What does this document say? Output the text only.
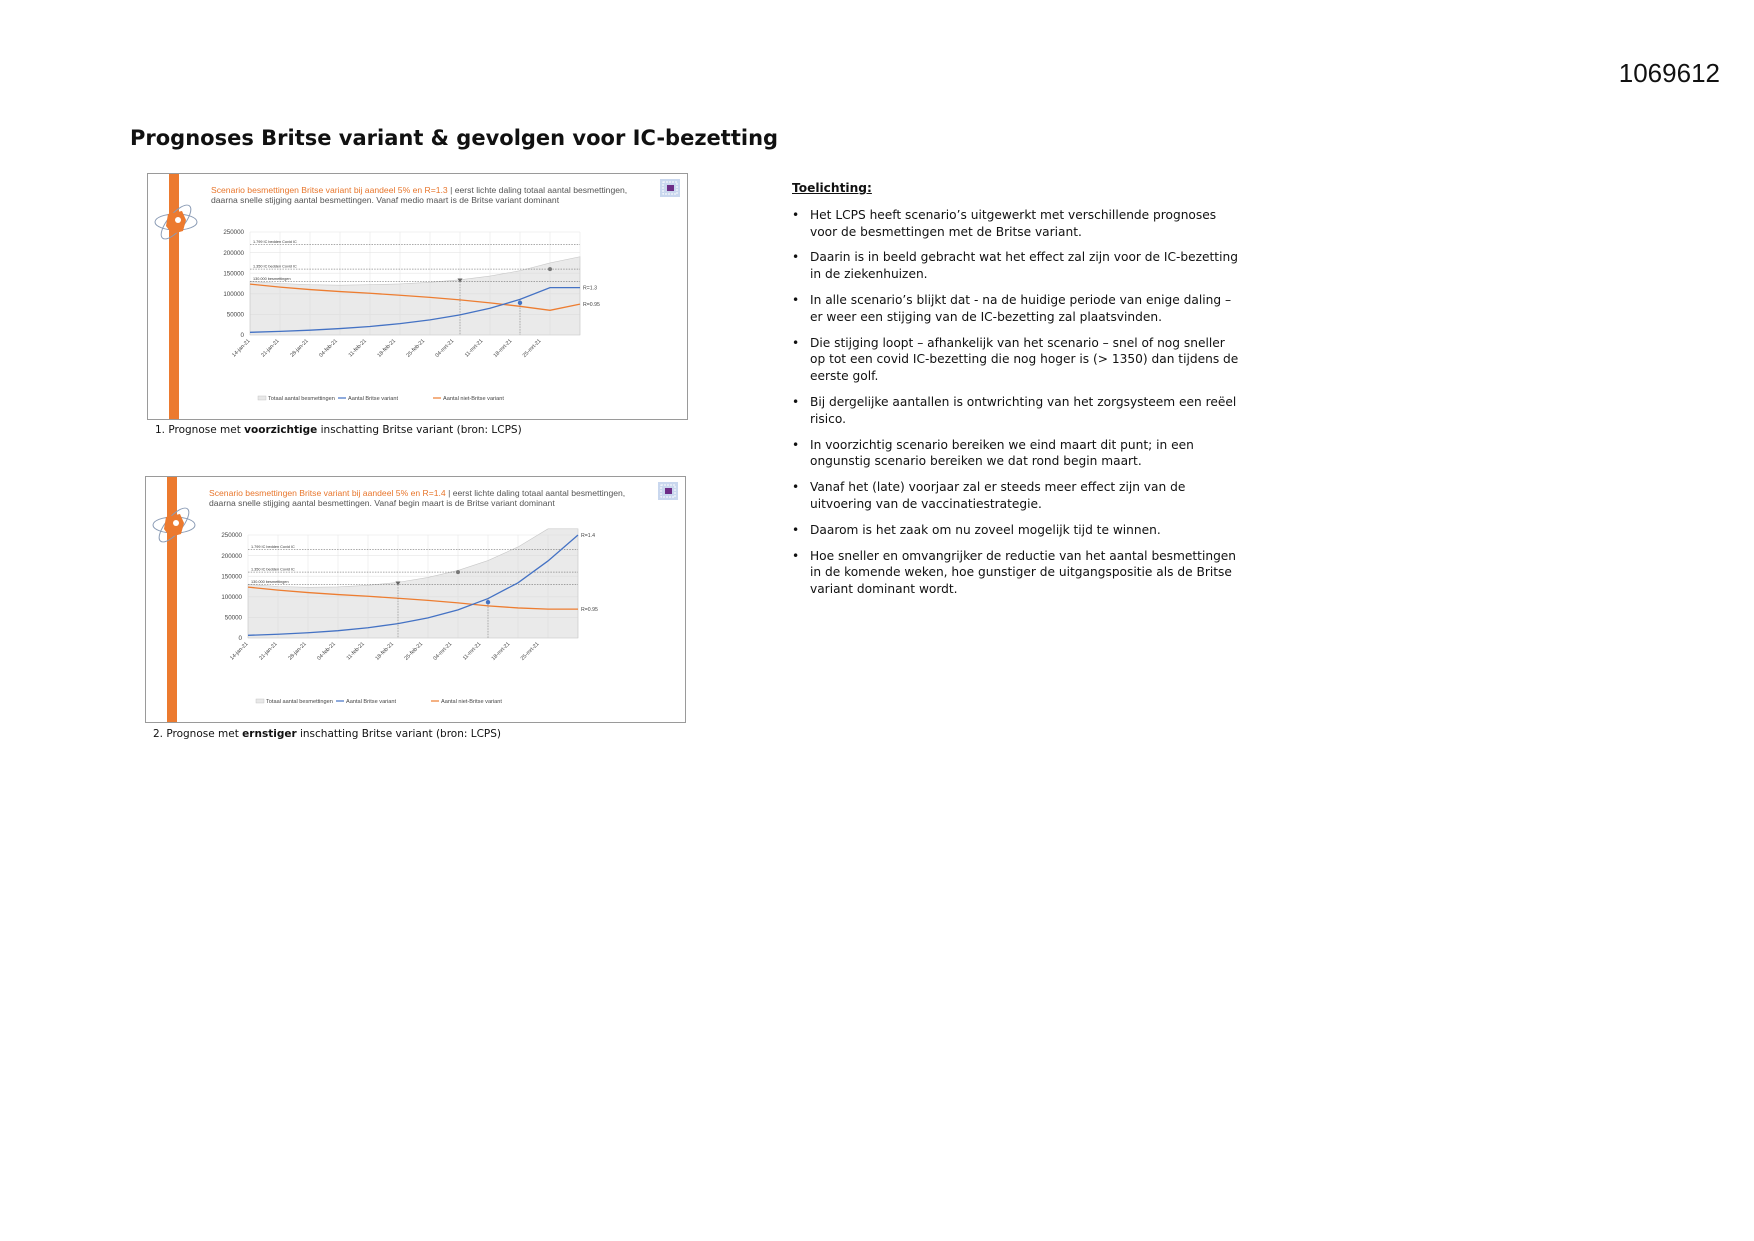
1069612
Prognoses Britse variant & gevolgen voor IC-bezetting
Scenario besmettingen Britse variant bij aandeel 5% en R=1.3 | eerst lichte daling totaal aantal besmettingen, daarna snelle stijging aantal besmettingen. Vanaf medio maart is de Britse variant dominant
250000
200000
150000
100000
50000
0
1.799 IC bedden Covid IC
1.350 IC bedden Covid IC
130.000 besmettingen
R=1.3
R=0.95
14-jan-21 21-jan-21 28-jan-21 04-feb-21 11-feb-21 18-feb-21 25-feb-21 04-mrt-21 11-mrt-21 18-mrt-21 25-mrt-21
Totaal aantal besmettingen Aantal Britse variant	Aantal niet-Britse variant
1. Prognose met voorzichtige inschatting Britse variant (bron: LCPS)
Scenario besmettingen Britse variant bij aandeel 5% en R=1.4 | eerst lichte daling totaal aantal besmettingen, daarna snelle stijging aantal besmettingen. Vanaf begin maart is de Britse variant dominant
250000
200000
150000
100000
50000
0
1.799 IC bedden Covid IC
1.350 IC bedden Covid IC
130.000 besmettingen
R=1.4
R=0.95
14-jan-21 21-jan-21 28-jan-21 04-feb-21 11-feb-21 18-feb-21 25-feb-21 04-mrt-21 11-mrt-21 18-mrt-21 25-mrt-21
Totaal aantal besmettingen Aantal Britse variant	Aantal niet-Britse variant
2. Prognose met ernstiger inschatting Britse variant (bron: LCPS)
Toelichting:
• Het LCPS heeft scenario’s uitgewerkt met verschillende prognoses voor de besmettingen met de Britse variant.
• Daarin is in beeld gebracht wat het effect zal zijn voor de IC-bezetting in de ziekenhuizen.
• In alle scenario’s blijkt dat - na de huidige periode van enige daling – er weer een stijging van de IC-bezetting zal plaatsvinden.
• Die stijging loopt – afhankelijk van het scenario – snel of nog sneller op tot een covid IC-bezetting die nog hoger is (> 1350) dan tijdens de eerste golf.
• Bij dergelijke aantallen is ontwrichting van het zorgsysteem een reëel risico.
• In voorzichtig scenario bereiken we eind maart dit punt; in een ongunstig scenario bereiken we dat rond begin maart.
• Vanaf het (late) voorjaar zal er steeds meer effect zijn van de uitvoering van de vaccinatiestrategie.
• Daarom is het zaak om nu zoveel mogelijk tijd te winnen.
• Hoe sneller en omvangrijker de reductie van het aantal besmettingen in de komende weken, hoe gunstiger de uitgangspositie als de Britse variant dominant wordt.
